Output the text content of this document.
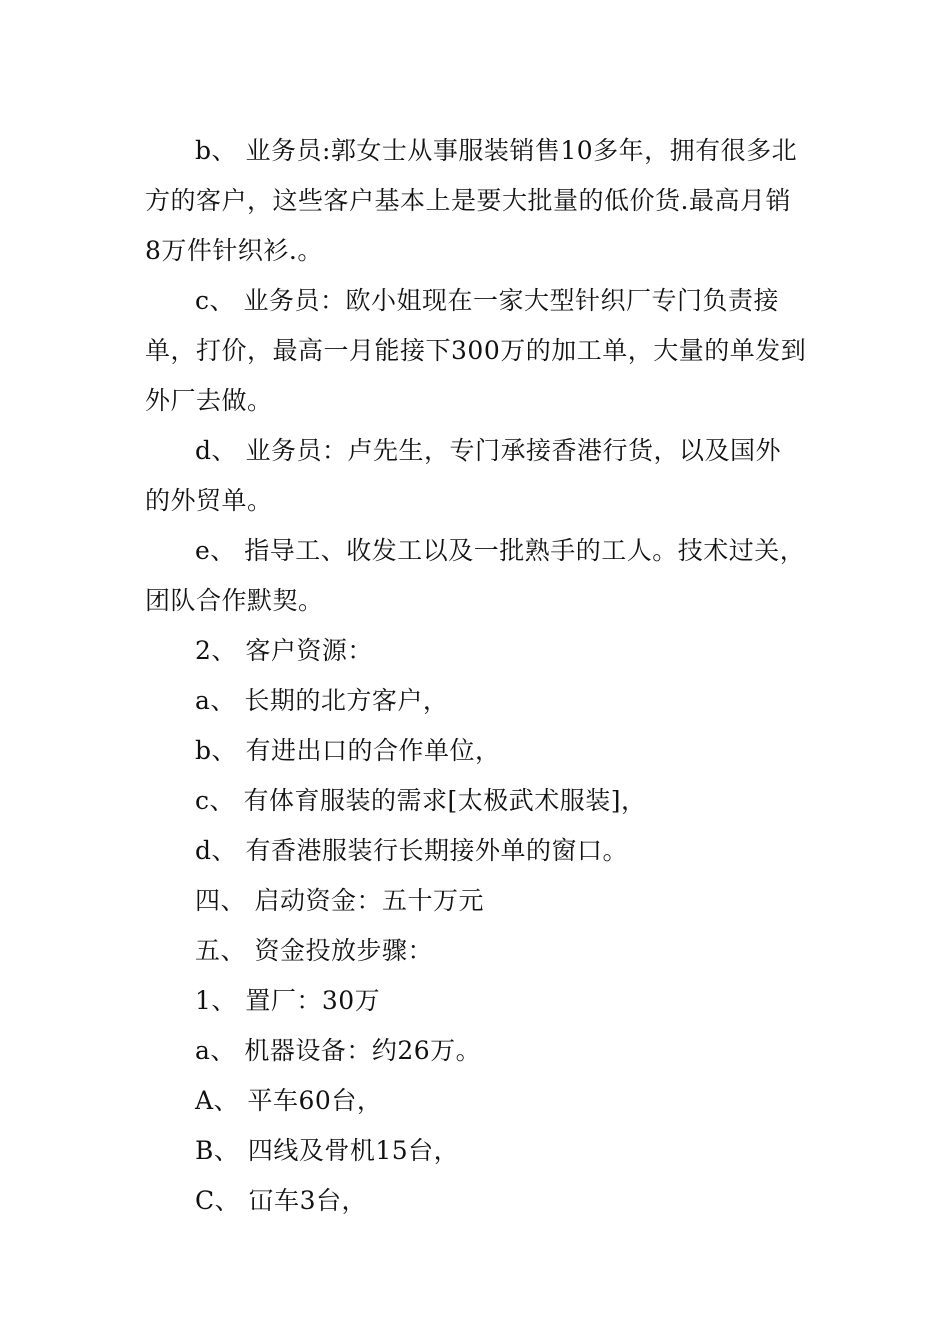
b、 业务员:郭女士从事服装销售10多年，拥有很多北
方的客户，这些客户基本上是要大批量的低价货.最高月销
8万件针织衫.。
c、 业务员：欧小姐现在一家大型针织厂专门负责接
单，打价，最高一月能接下300万的加工单，大量的单发到
外厂去做。
d、 业务员：卢先生，专门承接香港行货，以及国外
的外贸单。
e、 指导工、收发工以及一批熟手的工人。技术过关，
团队合作默契。
2、 客户资源：
a、 长期的北方客户，
b、 有进出口的合作单位，
c、 有体育服装的需求[太极武术服装]，
d、 有香港服装行长期接外单的窗口。
四、 启动资金：五十万元
五、 资金投放步骤：
1、 置厂：30万
a、 机器设备：约26万。
A、 平车60台，
B、 四线及骨机15台，
C、 冚车3台，
